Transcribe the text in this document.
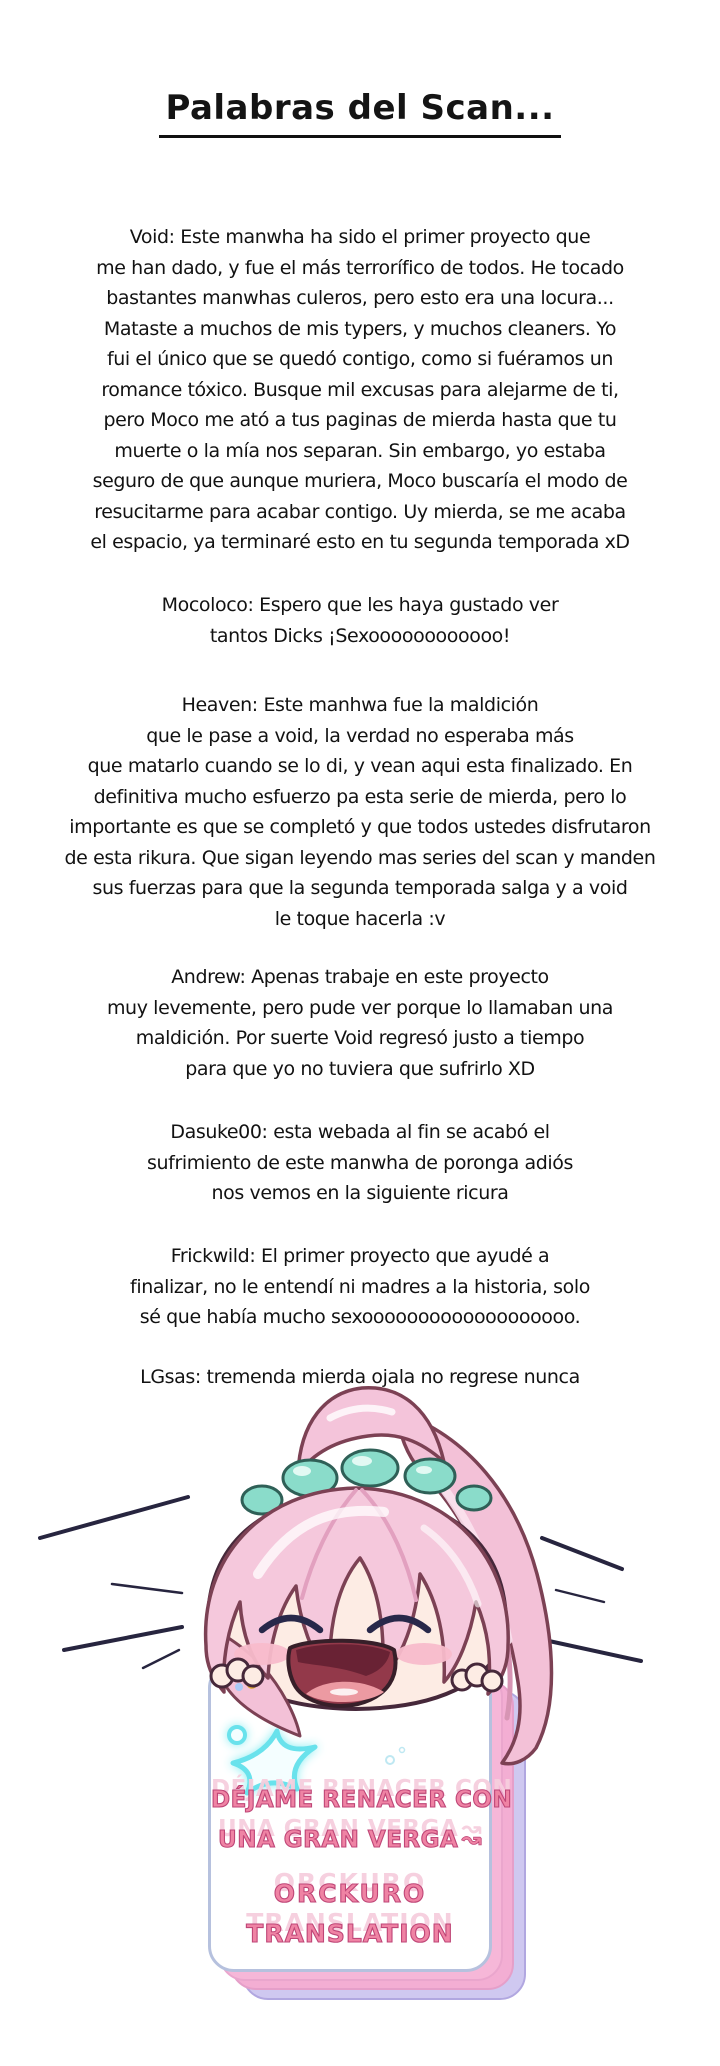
Palabras del Scan...
Void: Este manwha ha sido el primer proyecto que
me han dado, y fue el más terrorífico de todos. He tocado
bastantes manwhas culeros, pero esto era una locura...
Mataste a muchos de mis typers, y muchos cleaners. Yo
fui el único que se quedó contigo, como si fuéramos un
romance tóxico. Busque mil excusas para alejarme de ti,
pero Moco me ató a tus paginas de mierda hasta que tu
muerte o la mía nos separan. Sin embargo, yo estaba
seguro de que aunque muriera, Moco buscaría el modo de
resucitarme para acabar contigo. Uy mierda, se me acaba
el espacio, ya terminaré esto en tu segunda temporada xD
Mocoloco: Espero que les haya gustado ver
tantos Dicks ¡Sexoooooooooooo!
Heaven: Este manhwa fue la maldición
que le pase a void, la verdad no esperaba más
que matarlo cuando se lo di, y vean aqui esta finalizado. En
definitiva mucho esfuerzo pa esta serie de mierda, pero lo
importante es que se completó y que todos ustedes disfrutaron
de esta rikura. Que sigan leyendo mas series del scan y manden
sus fuerzas para que la segunda temporada salga y a void
le toque hacerla :v
Andrew: Apenas trabaje en este proyecto
muy levemente, pero pude ver porque lo llamaban una
maldición. Por suerte Void regresó justo a tiempo
para que yo no tuviera que sufrirlo XD
Dasuke00: esta webada al fin se acabó el
sufrimiento de este manwha de poronga adiós
nos vemos en la siguiente ricura
Frickwild: El primer proyecto que ayudé a
finalizar, no le entendí ni madres a la historia, solo
sé que había mucho sexooooooooooooooooooo.
LGsas: tremenda mierda ojala no regrese nunca
DÉJAME RENACER CON
UNA GRAN VERGA ↝
ORCKURO
TRANSLATION
